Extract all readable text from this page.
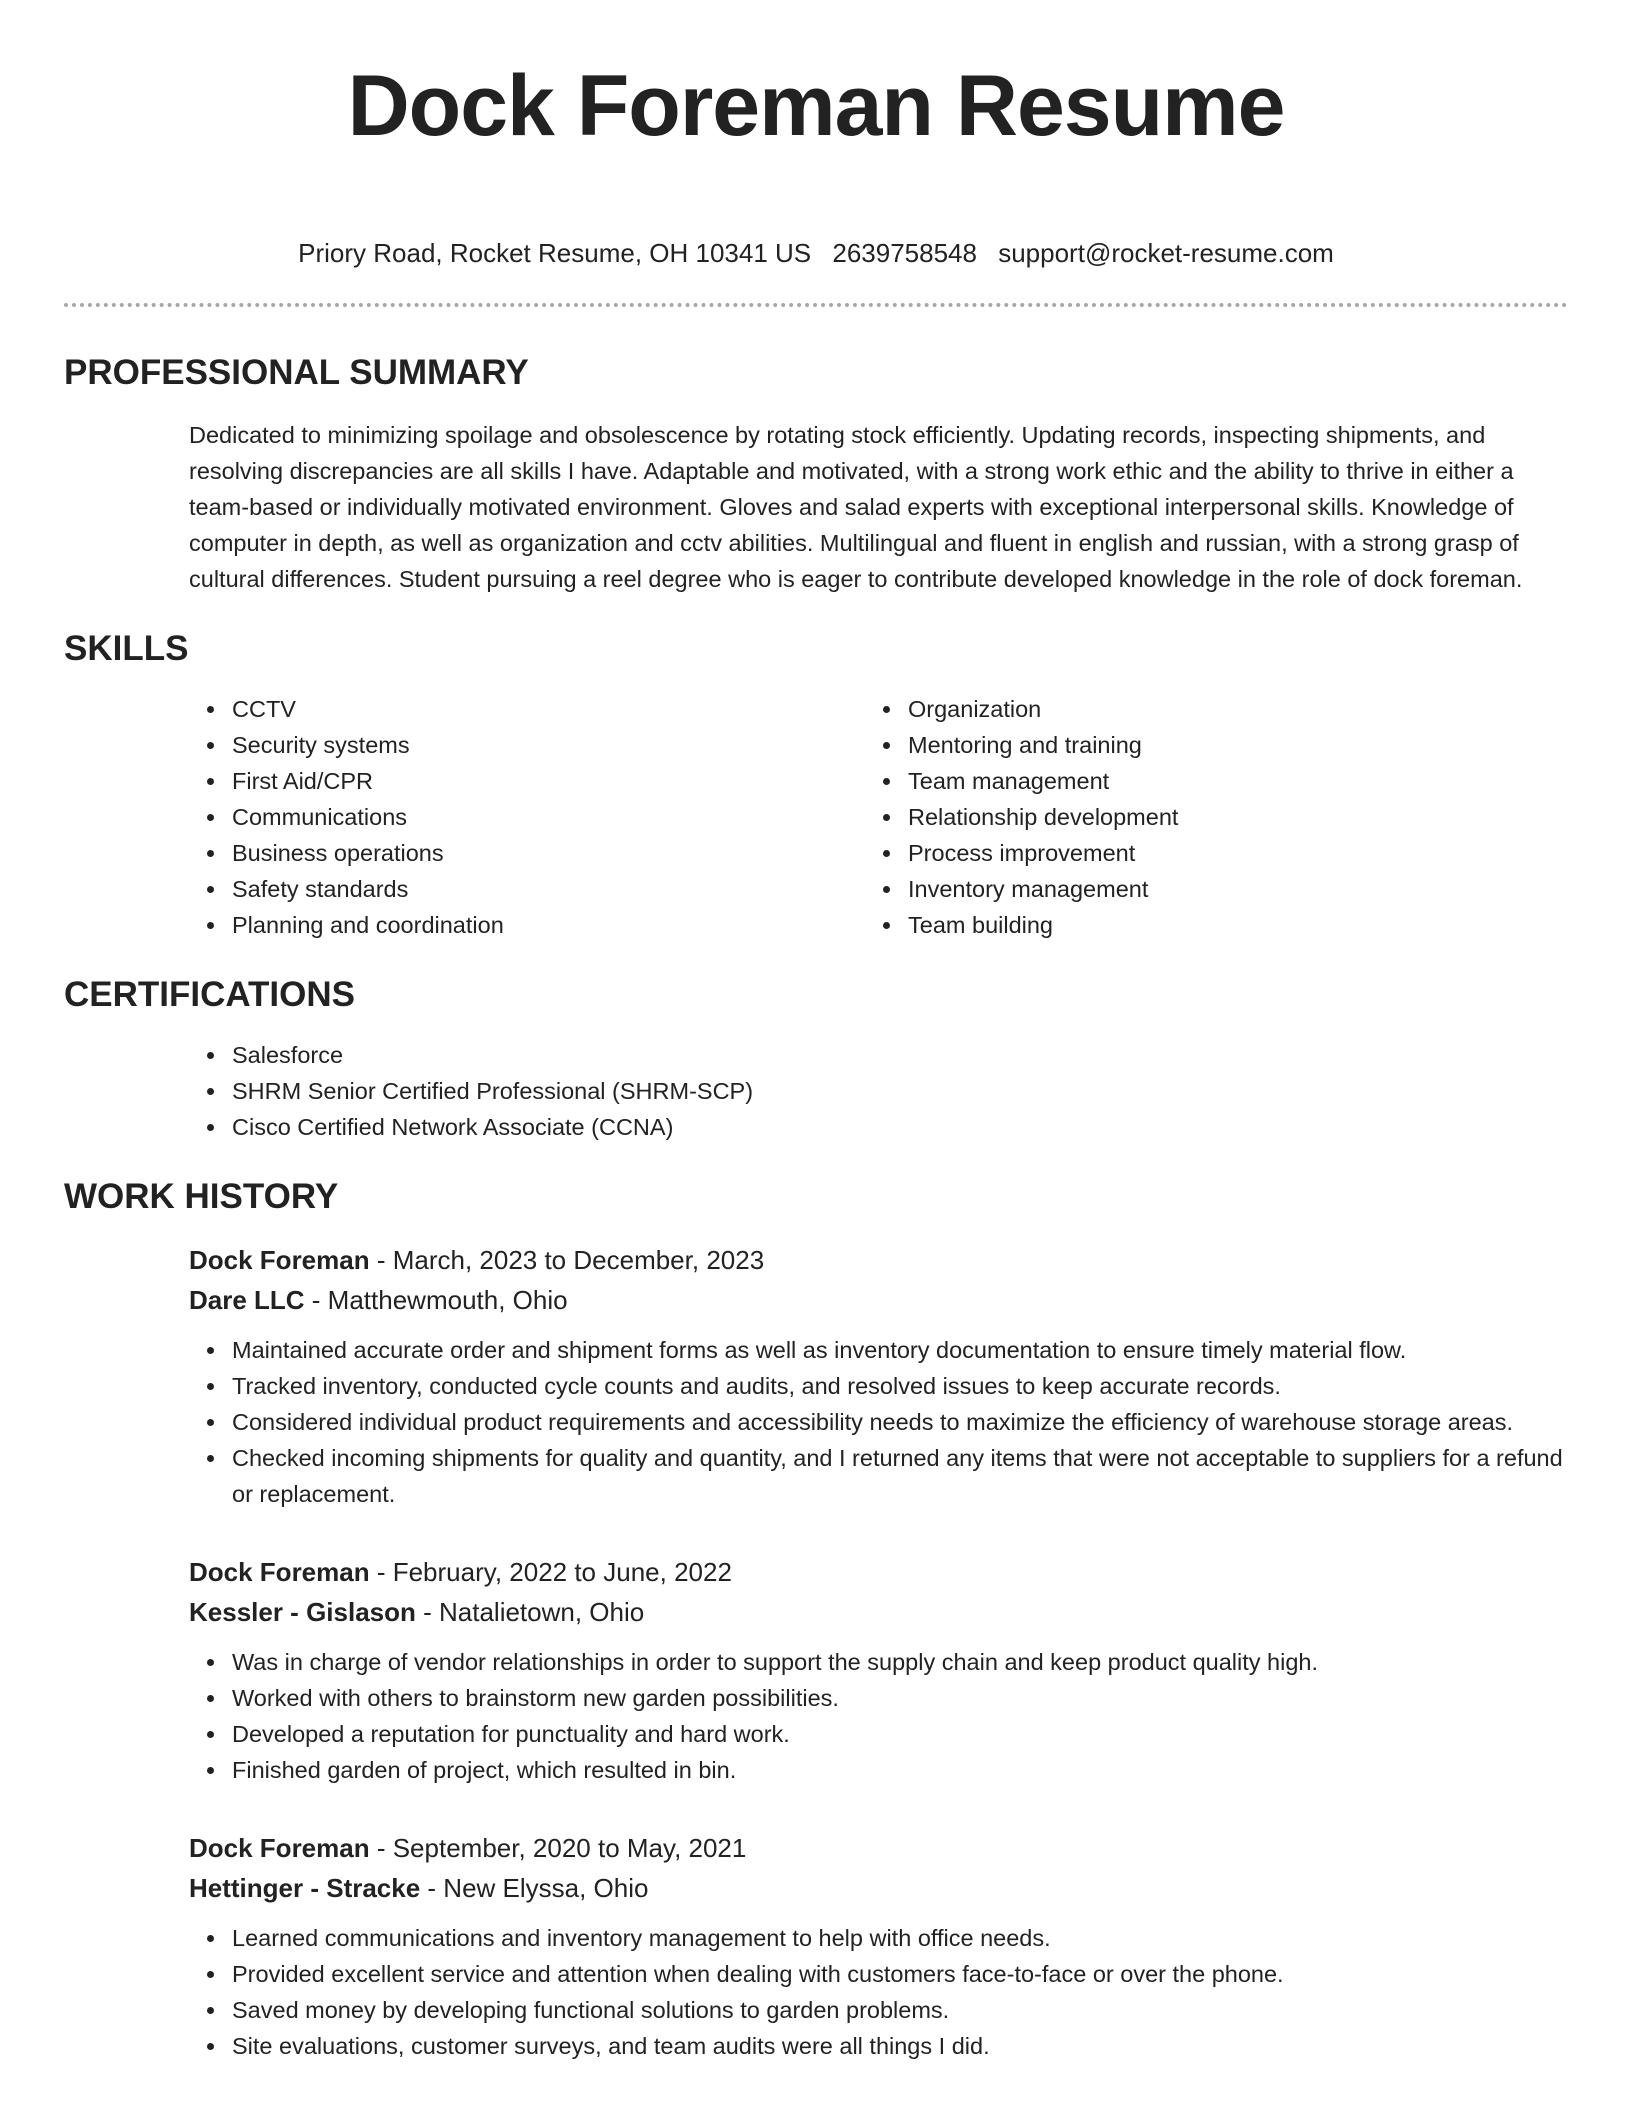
Dock Foreman Resume
Priory Road, Rocket Resume, OH 10341 US 2639758548 support@rocket-resume.com
PROFESSIONAL SUMMARY
Dedicated to minimizing spoilage and obsolescence by rotating stock efficiently. Updating records, inspecting shipments, and resolving discrepancies are all skills I have. Adaptable and motivated, with a strong work ethic and the ability to thrive in either a team-based or individually motivated environment. Gloves and salad experts with exceptional interpersonal skills. Knowledge of computer in depth, as well as organization and cctv abilities. Multilingual and fluent in english and russian, with a strong grasp of cultural differences. Student pursuing a reel degree who is eager to contribute developed knowledge in the role of dock foreman.
SKILLS
CCTV
Security systems
First Aid/CPR
Communications
Business operations
Safety standards
Planning and coordination
Organization
Mentoring and training
Team management
Relationship development
Process improvement
Inventory management
Team building
CERTIFICATIONS
Salesforce
SHRM Senior Certified Professional (SHRM-SCP)
Cisco Certified Network Associate (CCNA)
WORK HISTORY
Dock Foreman - March, 2023 to December, 2023
Dare LLC - Matthewmouth, Ohio
Maintained accurate order and shipment forms as well as inventory documentation to ensure timely material flow.
Tracked inventory, conducted cycle counts and audits, and resolved issues to keep accurate records.
Considered individual product requirements and accessibility needs to maximize the efficiency of warehouse storage areas.
Checked incoming shipments for quality and quantity, and I returned any items that were not acceptable to suppliers for a refund or replacement.
Dock Foreman - February, 2022 to June, 2022
Kessler - Gislason - Natalietown, Ohio
Was in charge of vendor relationships in order to support the supply chain and keep product quality high.
Worked with others to brainstorm new garden possibilities.
Developed a reputation for punctuality and hard work.
Finished garden of project, which resulted in bin.
Dock Foreman - September, 2020 to May, 2021
Hettinger - Stracke - New Elyssa, Ohio
Learned communications and inventory management to help with office needs.
Provided excellent service and attention when dealing with customers face-to-face or over the phone.
Saved money by developing functional solutions to garden problems.
Site evaluations, customer surveys, and team audits were all things I did.
